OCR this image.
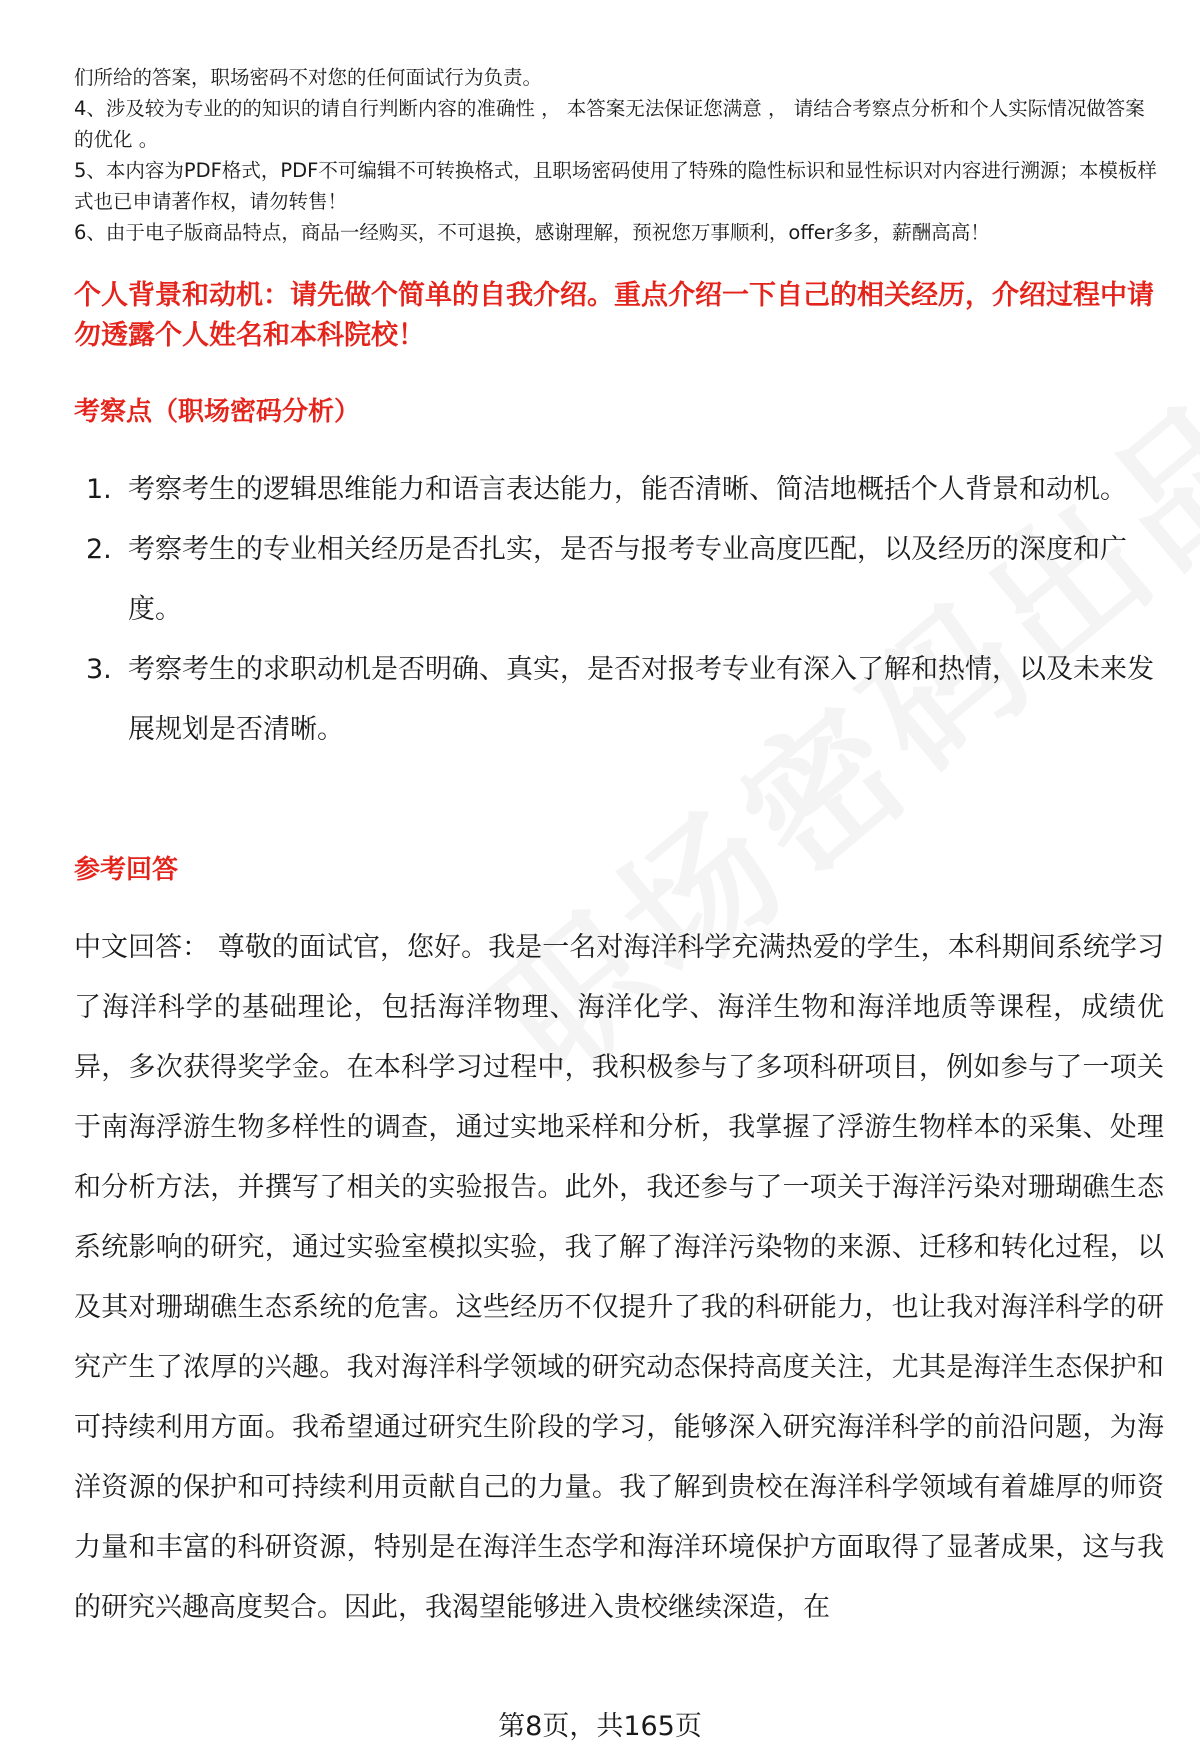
们所给的答案，职场密码不对您的任何面试行为负责。

4、涉及较为专业的的知识的请自行判断内容的准确性 ， 本答案无法保证您满意 ， 请结合考察点分析和个人实际情况做答案的优化 。

5、本内容为PDF格式，PDF不可编辑不可转换格式，且职场密码使用了特殊的隐性标识和显性标识对内容进行溯源；本模板样式也已申请著作权，请勿转售！

6、由于电子版商品特点，商品一经购买，不可退换，感谢理解，预祝您万事顺利，offer多多，薪酬高高！

个人背景和动机：请先做个简单的自我介绍。重点介绍一下自己的相关经历，介绍过程中请勿透露个人姓名和本科院校！
考察点（职场密码分析）
1. 考察考生的逻辑思维能力和语言表达能力，能否清晰、简洁地概括个人背景和动机。
2. 考察考生的专业相关经历是否扎实，是否与报考专业高度匹配，以及经历的深度和广度。
3. 考察考生的求职动机是否明确、真实，是否对报考专业有深入了解和热情，以及未来发展规划是否清晰。
参考回答
中文回答： 尊敬的面试官，您好。我是一名对海洋科学充满热爱的学生，本科期间系统学习了海洋科学的基础理论，包括海洋物理、海洋化学、海洋生物和海洋地质等课程，成绩优异，多次获得奖学金。在本科学习过程中，我积极参与了多项科研项目，例如参与了一项关于南海浮游生物多样性的调查，通过实地采样和分析，我掌握了浮游生物样本的采集、处理和分析方法，并撰写了相关的实验报告。此外，我还参与了一项关于海洋污染对珊瑚礁生态系统影响的研究，通过实验室模拟实验，我了解了海洋污染物的来源、迁移和转化过程，以及其对珊瑚礁生态系统的危害。这些经历不仅提升了我的科研能力，也让我对海洋科学的研究产生了浓厚的兴趣。我对海洋科学领域的研究动态保持高度关注，尤其是海洋生态保护和可持续利用方面。我希望通过研究生阶段的学习，能够深入研究海洋科学的前沿问题，为海洋资源的保护和可持续利用贡献自己的力量。我了解到贵校在海洋科学领域有着雄厚的师资力量和丰富的科研资源，特别是在海洋生态学和海洋环境保护方面取得了显著成果，这与我的研究兴趣高度契合。因此，我渴望能够进入贵校继续深造，在
第8页，共165页
